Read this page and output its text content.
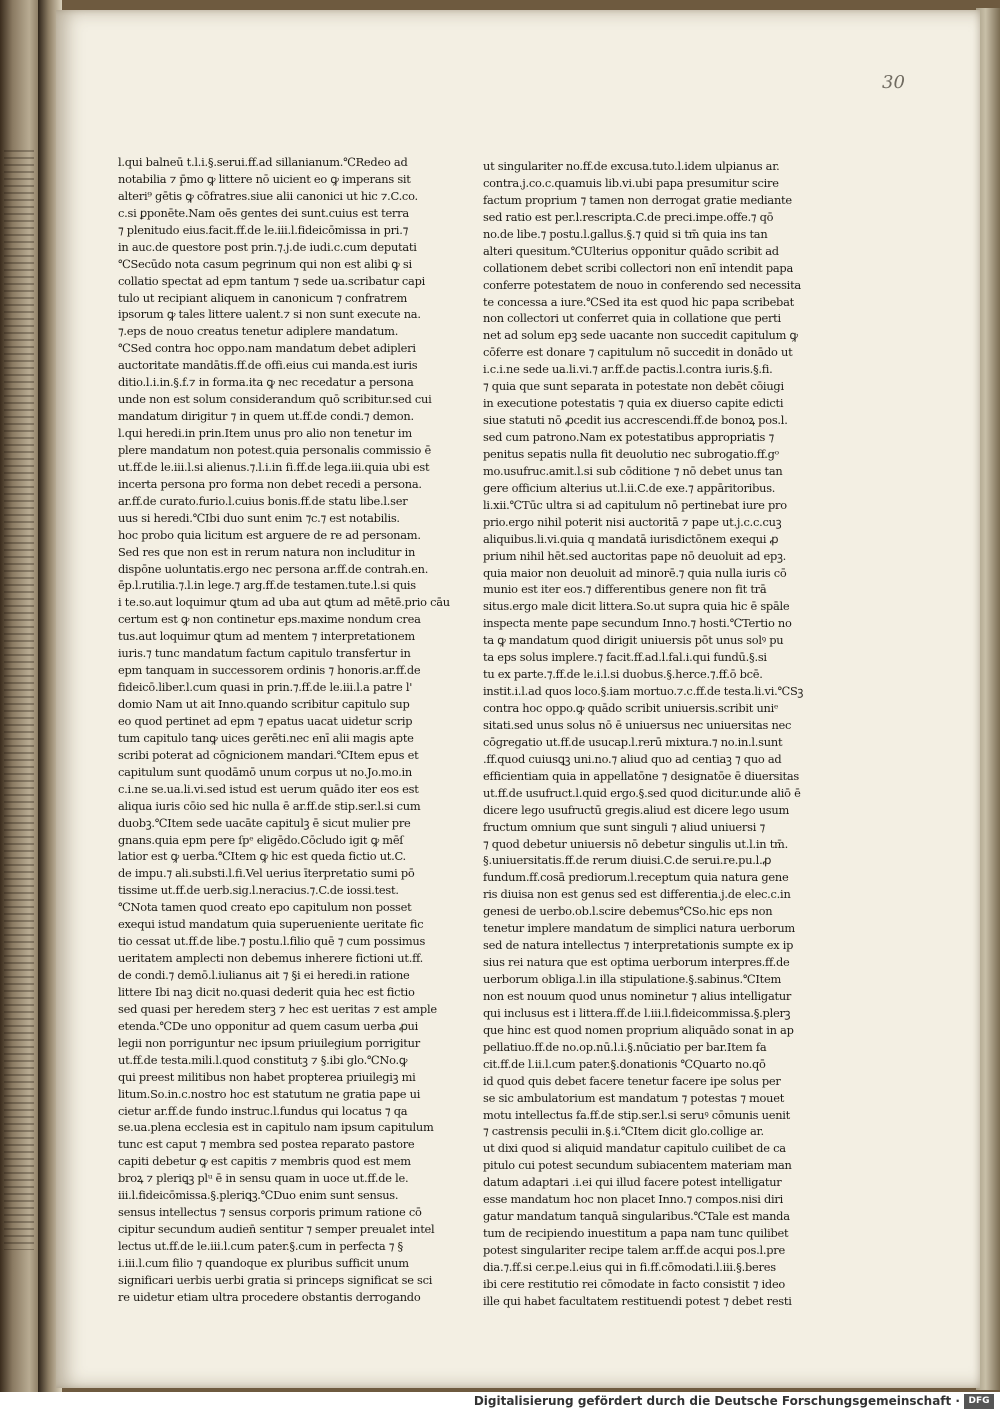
30
l.qui balneū t.l.i.§.serui.ff.ad sillanianum.℃Redeo ad
notabilia ⁊ p̄mo ꝙ littere nō uicient eo ꝙ imperans sit
alteri⁹ gētis ꝙ cōfratres.siue alii canonici ut hic ⁊.C.co.
c.si ꝑponēte.Nam oēs gentes dei sunt.cuius est terra
⁊ plenitudo eius.facit.ff.de le.iii.l.fideicōmissa in pri.⁊
in auc.de questore post prin.⁊.j.de iudi.c.cum deputati
℃Secūdo nota casum pegrinum qui non est alibi ꝙ si
collatio spectat ad epm tantum ⁊ sede ua.scribatur capi
tulo ut recipiant aliquem in canonicum ⁊ confratrem
ipsorum ꝙ tales littere ualent.⁊ si non sunt execute na.
⁊.eps de nouo creatus tenetur adiplere mandatum.
℃Sed contra hoc oppo.nam mandatum debet adipleri
auctoritate mandātis.ff.de offi.eius cui manda.est iuris
ditio.l.i.in.§.f.⁊ in forma.ita ꝙ nec recedatur a persona
unde non est solum considerandum quō scribitur.sed cui
mandatum dirigitur ⁊ in quem ut.ff.de condi.⁊ demon.
l.qui heredi.in prin.Item unus pro alio non tenetur im
plere mandatum non potest.quia personalis commissio ē
ut.ff.de le.iii.l.si alienus.⁊.l.i.in fi.ff.de lega.iii.quia ubi est
incerta persona pro forma non debet recedi a persona.
ar.ff.de curato.furio.l.cuius bonis.ff.de statu libe.l.ser
uus si heredi.℃Ibi duo sunt enim ⁊c.⁊ est notabilis.
hoc probo quia licitum est arguere de re ad personam.
Sed res que non est in rerum natura non includitur in
dispōne uoluntatis.ergo nec persona ar.ff.de contrah.en.
ēp.l.rutilia.⁊.l.in lege.⁊ arg.ff.de testamen.tute.l.si quis
i te.so.aut loquimur ꝗtum ad uba aut ꝗtum ad mētē.prio cāu
certum est ꝙ non continetur eps.maxime nondum crea
tus.aut loquimur ꝗtum ad mentem ⁊ interpretationem
iuris.⁊ tunc mandatum factum capitulo transfertur in
epm tanquam in successorem ordinis ⁊ honoris.ar.ff.de
fideicō.liber.l.cum quasi in prin.⁊.ff.de le.iii.l.a patre l'
domio Nam ut ait Inno.quando scribitur capitulo sup
eo quod pertinet ad epm ⁊ epatus uacat uidetur scrip
tum capitulo tanꝙ uices gerēti.nec enī alii magis apte
scribi poterat ad cōgnicionem mandari.℃Item epus et
capitulum sunt quodāmō unum corpus ut no.Jo.mo.in
c.i.ne se.ua.li.vi.sed istud est uerum quādo iter eos est
aliqua iuris cōio sed hic nulla ē ar.ff.de stip.ser.l.si cum
duobꝫ.℃Item sede uacāte capitulꝫ ē sicut mulier pre
gnans.quia epm pere ſpᵉ eligēdo.Cōcludo igit ꝙ mēſ
latior est ꝙ uerba.℃Item ꝙ hic est queda fictio ut.C.
de impu.⁊ ali.substi.l.fi.Vel uerius īterpretatio sumi pō
tissime ut.ff.de uerb.sig.l.neracius.⁊.C.de iossi.test.
℃Nota tamen quod creato epo capitulum non posset
exequi istud mandatum quia superueniente ueritate fic
tio cessat ut.ff.de libe.⁊ postu.l.filio quē ⁊ cum possimus
ueritatem amplecti non debemus inherere fictioni ut.ff.
de condi.⁊ demō.l.iulianus ait ⁊ §i ei heredi.in ratione
littere Ibi naꝫ dicit no.quasi dederit quia hec est fictio
sed quasi per heredem sterꝫ ⁊ hec est ueritas ⁊ est ample
etenda.℃De uno opponitur ad quem casum uerba ꝓui
legii non porriguntur nec ipsum priuilegium porrigitur
ut.ff.de testa.mili.l.quod constitutꝫ ⁊ §.ibi glo.℃No.ꝙ
qui preest militibus non habet propterea priuilegiꝫ mi
litum.So.in.c.nostro hoc est statutum ne gratia pape ui
cietur ar.ff.de fundo instruc.l.fundus qui locatus ⁊ qa
se.ua.plena ecclesia est in capitulo nam ipsum capitulum
tunc est caput ⁊ membra sed postea reparato pastore
capiti debetur ꝙ est capitis ⁊ membris quod est mem
broꝝ ⁊ pleriꝗꝫ plᵘ ē in sensu quam in uoce ut.ff.de le.
iii.l.fideicōmissa.§.pleriꝗꝫ.℃Duo enim sunt sensus.
sensus intellectus ⁊ sensus corporis primum ratione cō
cipitur secundum audien̄ sentitur ⁊ semper preualet intel
lectus ut.ff.de le.iii.l.cum pater.§.cum in perfecta ⁊ §
i.iii.l.cum filio ⁊ quandoque ex pluribus sufficit unum
significari uerbis uerbi gratia si princeps significat se sci
re uidetur etiam ultra procedere obstantis derrogando
ut singulariter no.ff.de excusa.tuto.l.idem ulpianus ar.
contra.j.co.c.quamuis lib.vi.ubi papa presumitur scire
factum proprium ⁊ tamen non derrogat gratie mediante
sed ratio est per.l.rescripta.C.de preci.impe.offe.⁊ qō
no.de libe.⁊ postu.l.gallus.§.⁊ quid si tm̄ quia ins tan
alteri quesitum.℃Ulterius opponitur quādo scribit ad
collationem debet scribi collectori non enī intendit papa
conferre potestatem de nouo in conferendo sed necessita
te concessa a iure.℃Sed ita est quod hic papa scribebat
non collectori ut conferret quia in collatione que perti
net ad solum epꝫ sede uacante non succedit capitulum ꝙ
cōferre est donare ⁊ capitulum nō succedit in donādo ut
i.c.i.ne sede ua.li.vi.⁊ ar.ff.de pactis.l.contra iuris.§.fi.
⁊ quia que sunt separata in potestate non debēt cōiugi
in executione potestatis ⁊ quia ex diuerso capite edicti
siue statuti nō ꝓcedit ius accrescendi.ff.de bonoꝝ pos.l.
sed cum patrono.Nam ex potestatibus appropriatis ⁊
penitus sepatis nulla fit deuolutio nec subrogatio.ff.gᵒ
mo.usufruc.amit.l.si sub cōditione ⁊ nō debet unus tan
gere officium alterius ut.l.ii.C.de exe.⁊ appāritoribus.
li.xii.℃Tūc ultra si ad capitulum nō pertinebat iure pro
prio.ergo nihil poterit nisi auctoritā ⁊ pape ut.j.c.c.cuꝫ
aliquibus.li.vi.quia q mandatā iurisdictōnem exequi ꝓ
prium nihil hēt.sed auctoritas pape nō deuoluit ad epꝫ.
quia maior non deuoluit ad minorē.⁊ quia nulla iuris cō
munio est iter eos.⁊ differentibus genere non fit trā
situs.ergo male dicit littera.So.ut supra quia hic ē spāle
inspecta mente pape secundum Inno.⁊ hosti.℃Tertio no
ta ꝙ mandatum quod dirigit uniuersis pōt unus solꝰ pu
ta eps solus implere.⁊ facit.ff.ad.l.fal.i.qui fundū.§.si
tu ex parte.⁊.ff.de le.i.l.si duobus.§.herce.⁊.ff.ō bcē.
instit.i.l.ad quos loco.§.iam mortuo.⁊.c.ff.de testa.li.vi.℃Sꝫ
contra hoc oppo.ꝙ quādo scribit uniuersis.scribit uniᵉ
sitati.sed unus solus nō ē uniuersus nec uniuersitas nec
cōgregatio ut.ff.de usucap.l.rerū mixtura.⁊ no.in.l.sunt
.ff.quod cuiusꝗꝫ uni.no.⁊ aliud quo ad centiaꝫ ⁊ quo ad
efficientiam quia in appellatōne ⁊ designatōe ē diuersitas
ut.ff.de usufruct.l.quid ergo.§.sed quod dicitur.unde aliō ē
dicere lego usufructū gregis.aliud est dicere lego usum
fructum omnium que sunt singuli ⁊ aliud uniuersi ⁊
⁊ quod debetur uniuersis nō debetur singulis ut.l.in tm̄.
§.uniuersitatis.ff.de rerum diuisi.C.de serui.re.pu.l.ꝓ
fundum.ff.cosā prediorum.l.receptum quia natura gene
ris diuisa non est genus sed est differentia.j.de elec.c.in
genesi de uerbo.ob.l.scire debemus℃So.hic eps non
tenetur implere mandatum de simplici natura uerborum
sed de natura intellectus ⁊ interpretationis sumpte ex ip
sius rei natura que est optima uerborum interpres.ff.de
uerborum obliga.l.in illa stipulatione.§.sabinus.℃Item
non est nouum quod unus nominetur ⁊ alius intelligatur
qui inclusus est i littera.ff.de l.iii.l.fideicommissa.§.plerꝫ
que hinc est quod nomen proprium aliquādo sonat in ap
pellatiuo.ff.de no.op.nū.l.i.§.nūciatio per bar.Item fa
cit.ff.de l.ii.l.cum pater.§.donationis ℃Quarto no.qō
id quod quis debet facere tenetur facere ipe solus per
se sic ambulatorium est mandatum ⁊ potestas ⁊ mouet
motu intellectus fa.ff.de stip.ser.l.si seruꝰ cōmunis uenit
⁊ castrensis peculii in.§.i.℃Item dicit glo.collige ar.
ut dixi quod si aliquid mandatur capitulo cuilibet de ca
pitulo cui potest secundum subiacentem materiam man
datum adaptari .i.ei qui illud facere potest intelligatur
esse mandatum hoc non placet Inno.⁊ compos.nisi diri
gatur mandatum tanquā singularibus.℃Tale est manda
tum de recipiendo inuestitum a papa nam tunc quilibet
potest singulariter recipe talem ar.ff.de acqui pos.l.pre
dia.⁊.ff.si cer.pe.l.eius qui in fi.ff.cōmodati.l.iii.§.beres
ibi cere restitutio rei cōmodate in facto consistit ⁊ ideo
ille qui habet facultatem restituendi potest ⁊ debet resti
Digitalisierung gefördert durch die Deutsche Forschungsgemeinschaft · DFG
